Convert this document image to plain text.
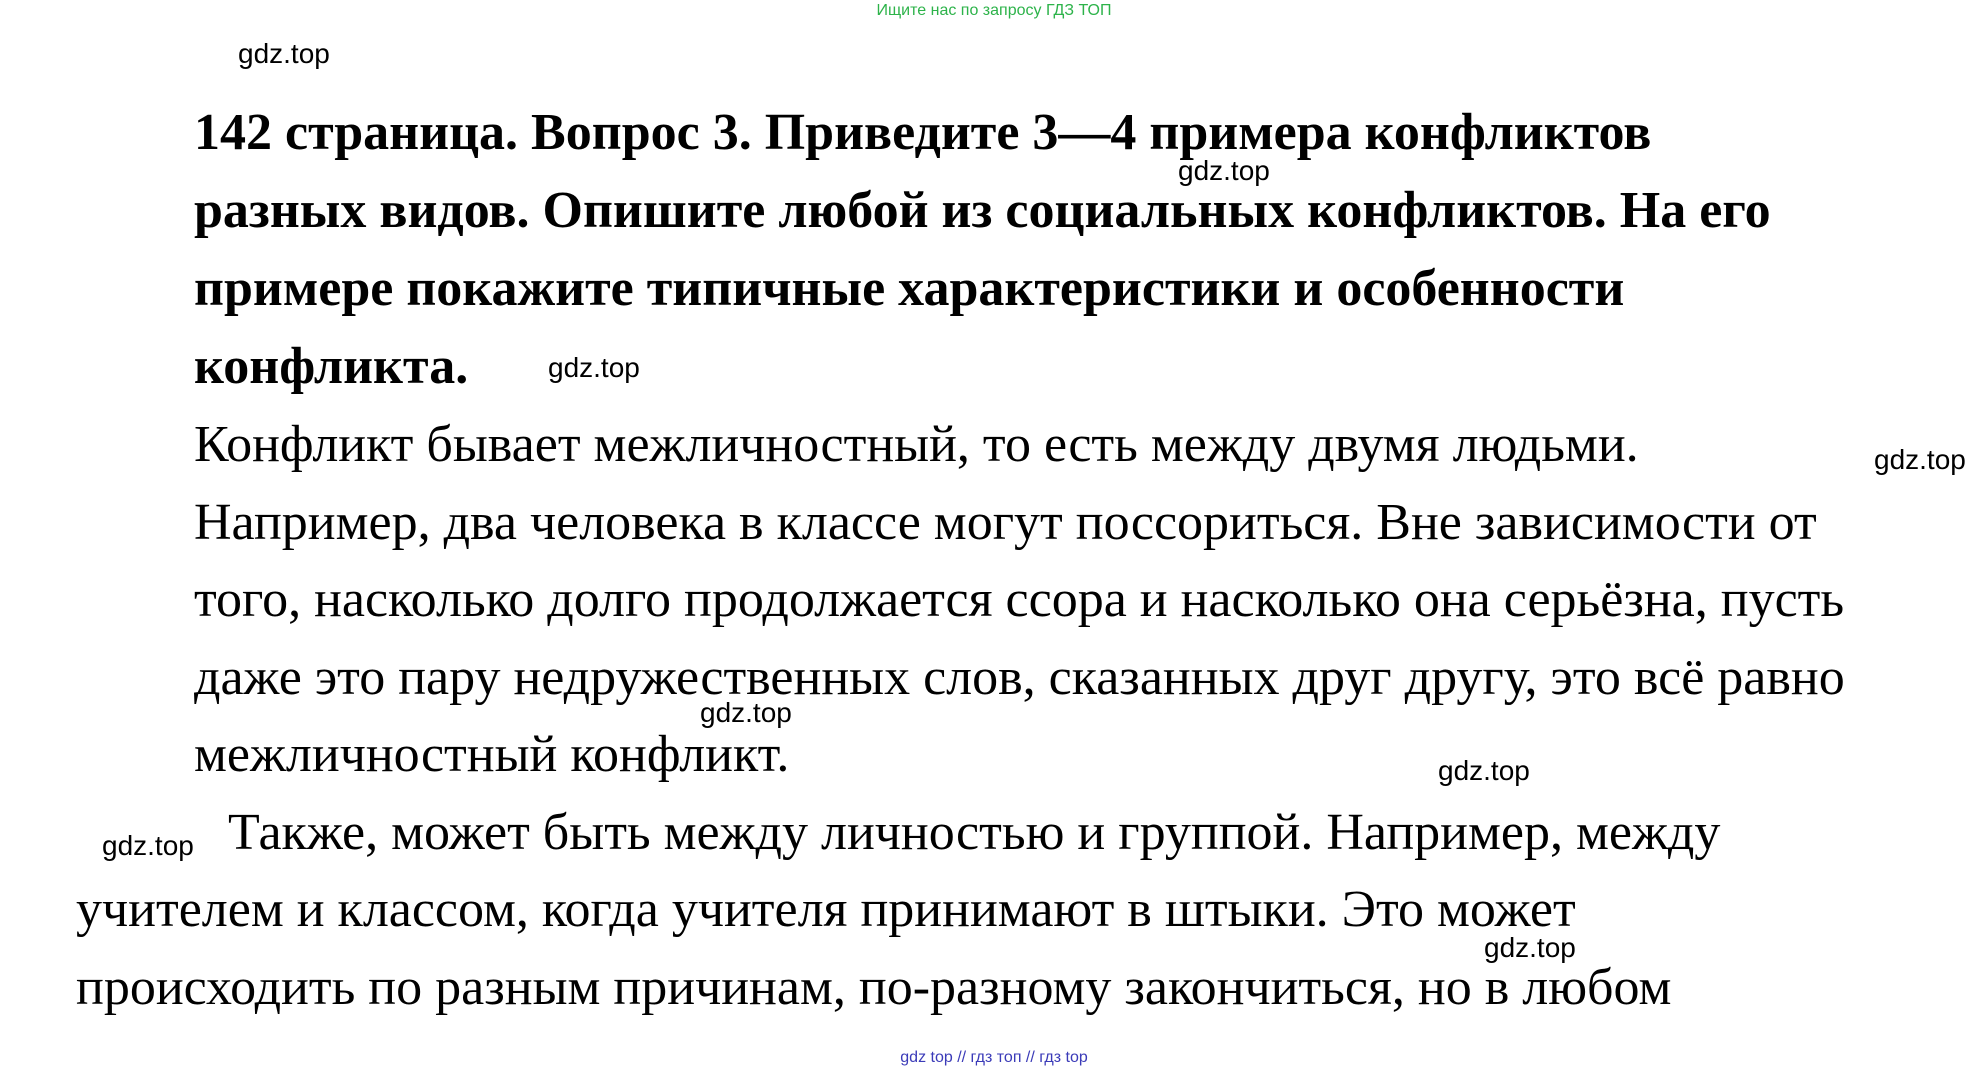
Ищите нас по запросу ГДЗ ТОП

142 страница. Вопрос 3. Приведите 3—4 примера конфликтов
разных видов. Опишите любой из социальных конфликтов. На его
примере покажите типичные характеристики и особенности
конфликта.

Конфликт бывает межличностный, то есть между двумя людьми.
Например, два человека в классе могут поссориться. Вне зависимости от
того, насколько долго продолжается ссора и насколько она серьёзна, пусть
даже это пару недружественных слов, сказанных друг другу, это всё равно
межличностный конфликт.

Также, может быть между личностью и группой. Например, между
учителем и классом, когда учителя принимают в штыки. Это может
происходить по разным причинам, по-разному закончиться, но в любом

gdz.top
gdz.top
gdz.top
gdz.top
gdz.top
gdz.top
gdz.top
gdz.top
gdz top // гдз топ // гдз top
